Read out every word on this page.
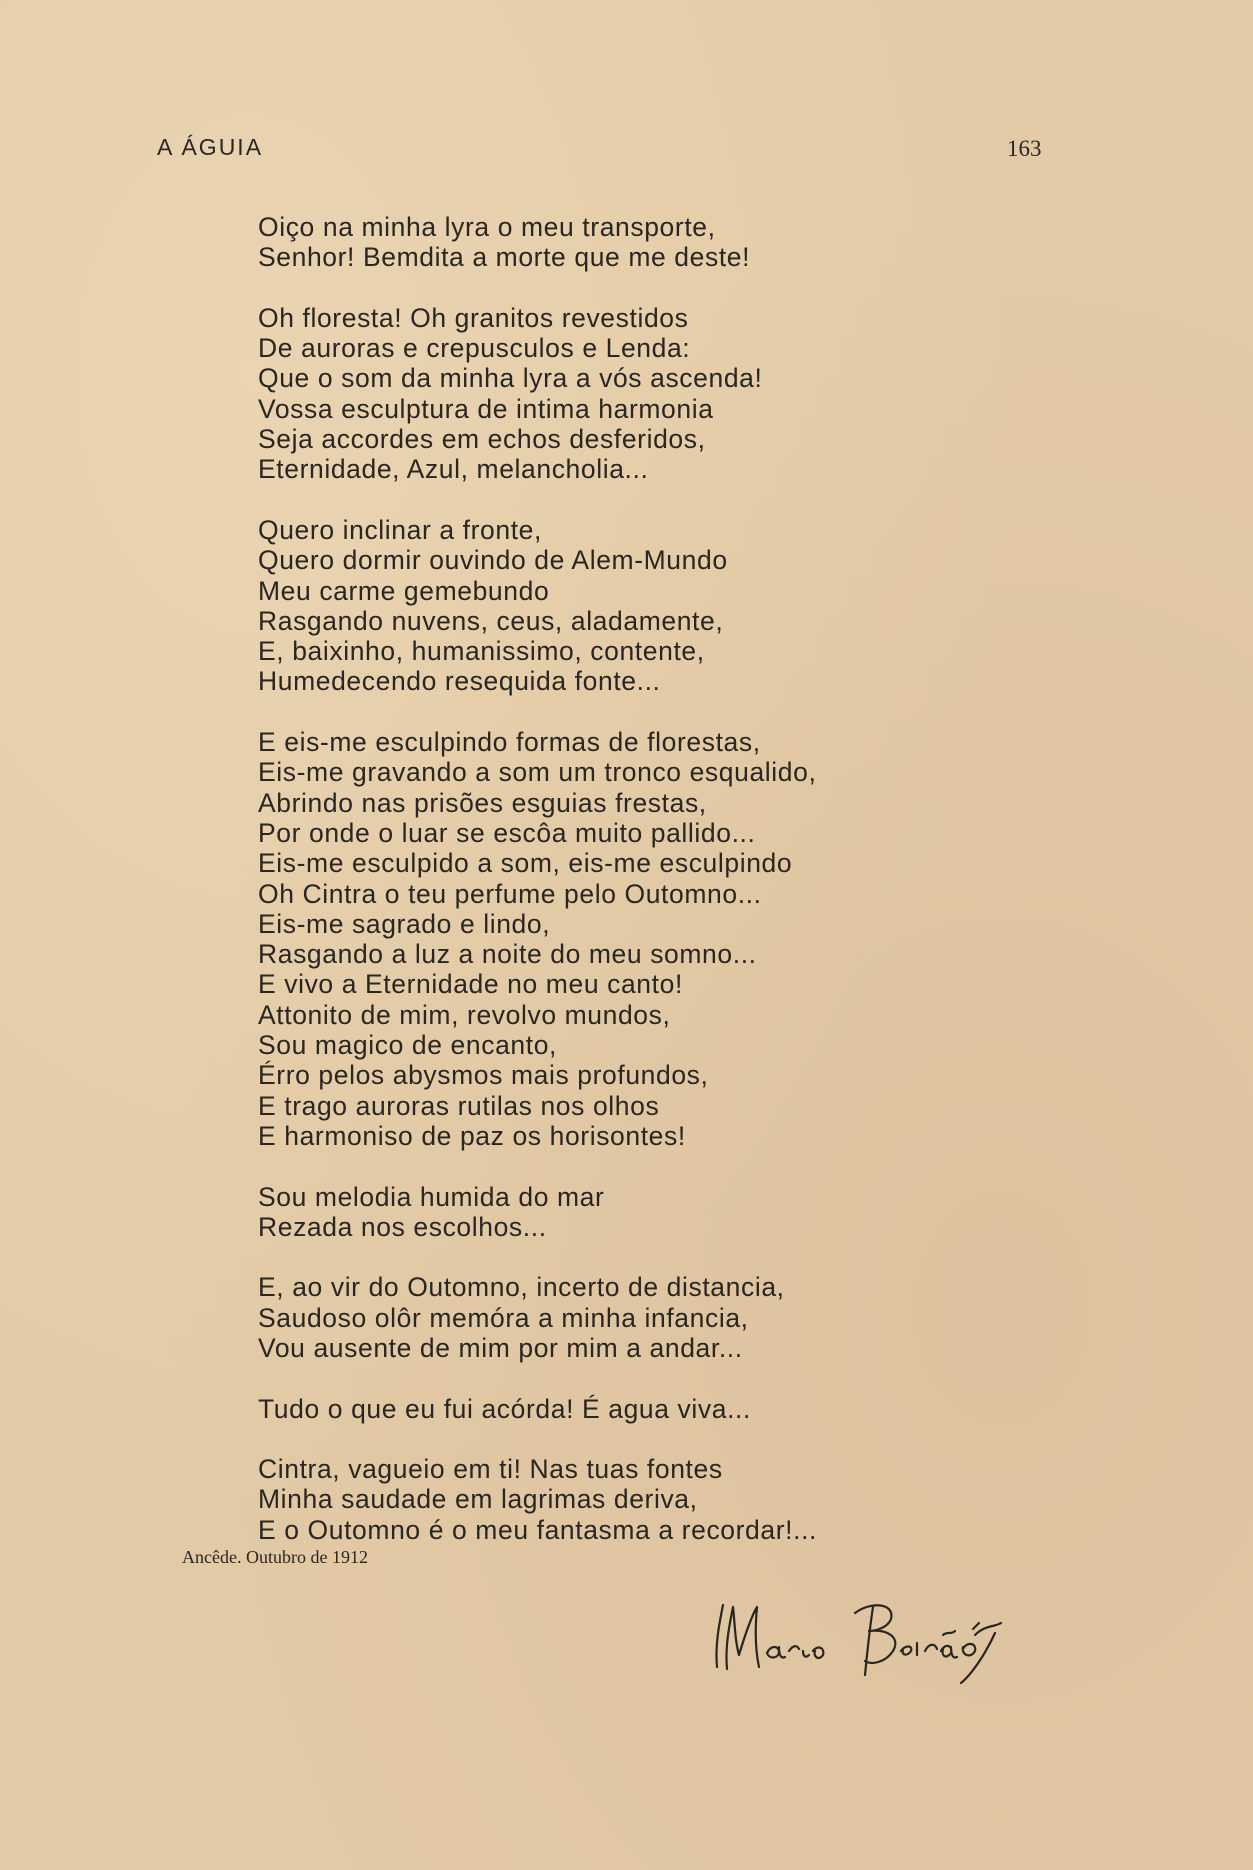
A ÁGUIA	163
Oiço na minha lyra o meu transporte,
Senhor! Bemdita a morte que me deste!
Oh floresta! Oh granitos revestidos
De auroras e crepusculos e Lenda:
Que o som da minha lyra a vós ascenda!
Vossa esculptura de intima harmonia
Seja accordes em echos desferidos,
Eternidade, Azul, melancholia...
Quero inclinar a fronte,
Quero dormir ouvindo de Alem-Mundo
Meu carme gemebundo
Rasgando nuvens, ceus, aladamente,
E, baixinho, humanissimo, contente,
Humedecendo resequida fonte...
E eis-me esculpindo formas de florestas,
Eis-me gravando a som um tronco esqualido,
Abrindo nas prisões esguias frestas,
Por onde o luar se escôa muito pallido...
Eis-me esculpido a som, eis-me esculpindo
Oh Cintra o teu perfume pelo Outomno...
Eis-me sagrado e lindo,
Rasgando a luz a noite do meu somno...
E vivo a Eternidade no meu canto!
Attonito de mim, revolvo mundos,
Sou magico de encanto,
Érro pelos abysmos mais profundos,
E trago auroras rutilas nos olhos
E harmoniso de paz os horisontes!
Sou melodia humida do mar
Rezada nos escolhos...
E, ao vir do Outomno, incerto de distancia,
Saudoso olôr memóra a minha infancia,
Vou ausente de mim por mim a andar...
Tudo o que eu fui acórda! É agua viva...
Cintra, vagueio em ti! Nas tuas fontes
Minha saudade em lagrimas deriva,
E o Outomno é o meu fantasma a recordar!...
Ancêde. Outubro de 1912
